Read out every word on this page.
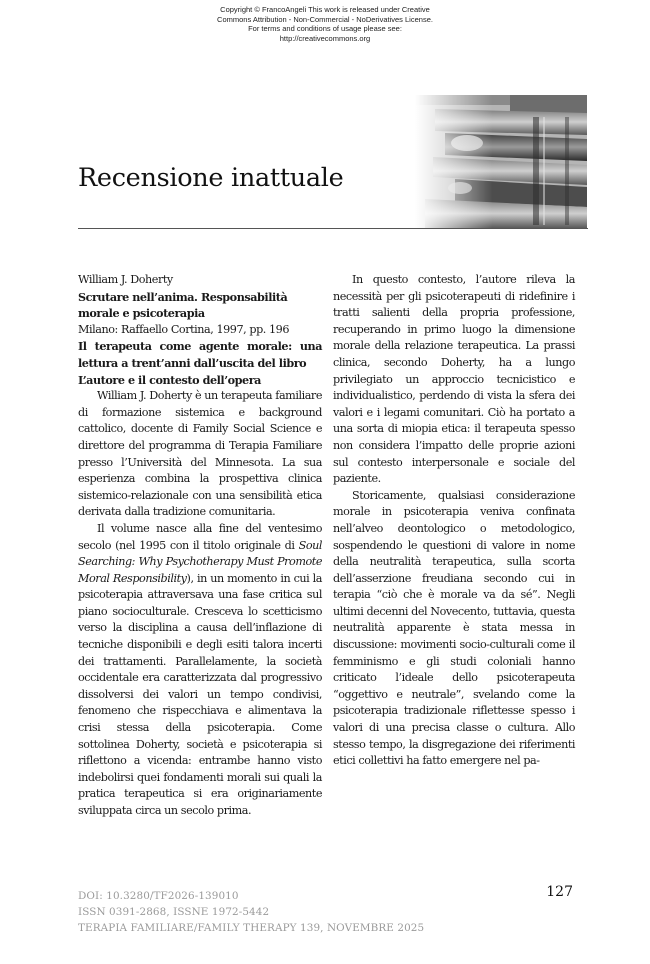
Copyright © FrancoAngeli This work is released under Creative
Commons Attribution - Non-Commercial - NoDerivatives License.
For terms and conditions of usage please see:
http://creativecommons.org
Recensione inattuale

William J. Doherty

Scrutare nell’anima. Responsabilità morale e psicoterapia

Milano: Raffaello Cortina, 1997, pp. 196

Il terapeuta come agente morale: una lettura a trent’anni dall’uscita del libro

L’autore e il contesto dell’opera

William J. Doherty è un terapeuta familiare di formazione sistemica e background cattolico, docente di Family Social Science e direttore del programma di Terapia Familiare presso l’Università del Minnesota. La sua esperienza combina la prospettiva clinica sistemico-relazionale con una sensibilità etica derivata dalla tradizione comunitaria.

Il volume nasce alla fine del ventesimo secolo (nel 1995 con il titolo originale di Soul Searching: Why Psychotherapy Must Promote Moral Responsibility), in un momento in cui la psicoterapia attraversava una fase critica sul piano socioculturale. Cresceva lo scetticismo verso la disciplina a causa dell’inflazione di tecniche disponibili e degli esiti talora incerti dei trattamenti. Parallelamente, la società occidentale era caratterizzata dal progressivo dissolversi dei valori un tempo condivisi, fenomeno che rispecchiava e alimentava la crisi stessa della psicoterapia. Come sottolinea Doherty, società e psicoterapia si riflettono a vicenda: entrambe hanno visto indebolirsi quei fondamenti morali sui quali la pratica terapeutica si era originariamente sviluppata circa un secolo prima.

In questo contesto, l’autore rileva la necessità per gli psicoterapeuti di ridefinire i tratti salienti della propria professione, recuperando in primo luogo la dimensione morale della relazione terapeutica. La prassi clinica, secondo Doherty, ha a lungo privilegiato un approccio tecnicistico e individualistico, perdendo di vista la sfera dei valori e i legami comunitari. Ciò ha portato a una sorta di miopia etica: il terapeuta spesso non considera l’impatto delle proprie azioni sul contesto interpersonale e sociale del paziente.

Storicamente, qualsiasi considerazione morale in psicoterapia veniva confinata nell’alveo deontologico o metodologico, sospendendo le questioni di valore in nome della neutralità terapeutica, sulla scorta dell’asserzione freudiana secondo cui in terapia “ciò che è morale va da sé”. Negli ultimi decenni del Novecento, tuttavia, questa neutralità apparente è stata messa in discussione: movimenti socio-culturali come il femminismo e gli studi coloniali hanno criticato l’ideale dello psicoterapeuta “oggettivo e neutrale”, svelando come la psicoterapia tradizionale riflettesse spesso i valori di una precisa classe o cultura. Allo stesso tempo, la disgregazione dei riferimenti etici collettivi ha fatto emergere nel pa-

DOI: 10.3280/TF2026-139010
ISSN 0391-2868, ISSNE 1972-5442
TERAPIA FAMILIARE/FAMILY THERAPY 139, NOVEMBRE 2025
127
